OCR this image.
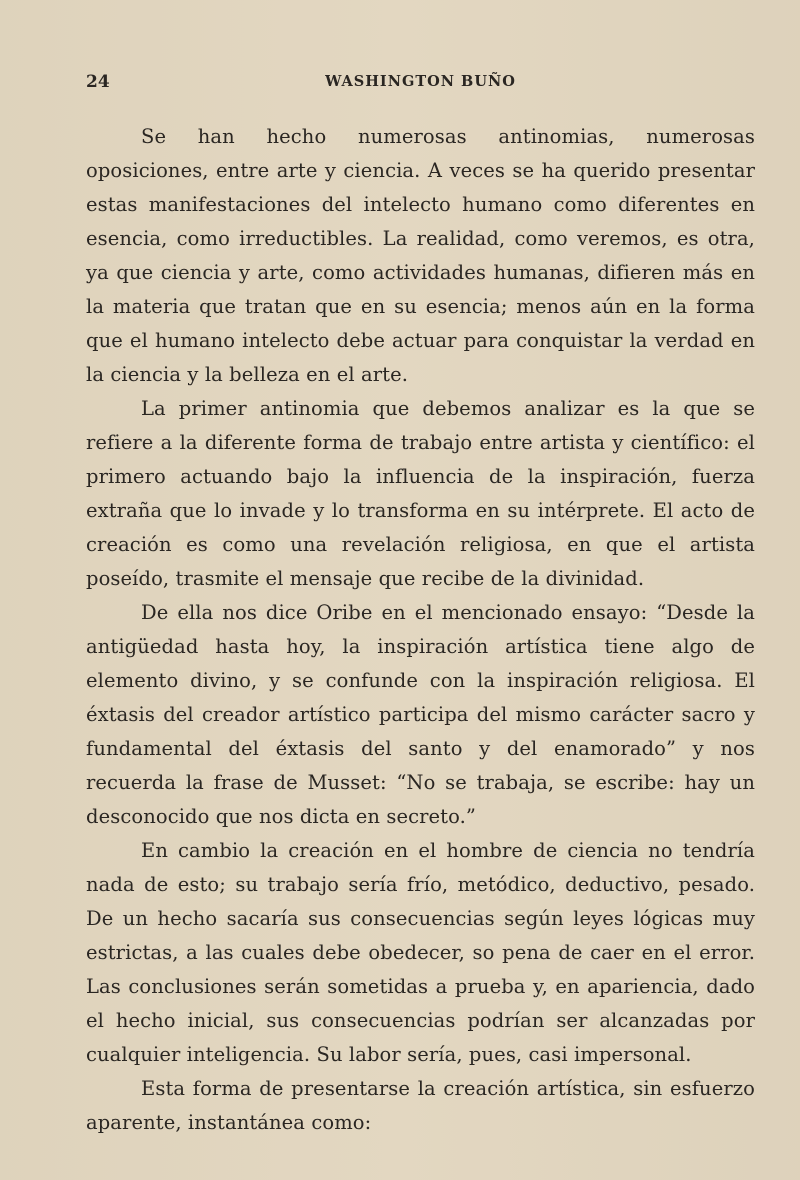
24	WASHINGTON BUÑO

Se han hecho numerosas antinomias, numerosas oposiciones, entre arte y ciencia. A veces se ha querido presentar estas manifestaciones del intelecto humano como diferentes en esencia, como irreductibles. La realidad, como veremos, es otra, ya que ciencia y arte, como actividades humanas, difieren más en la materia que tratan que en su esencia; menos aún en la forma que el humano intelecto debe actuar para conquistar la verdad en la ciencia y la belleza en el arte.

La primer antinomia que debemos analizar es la que se refiere a la diferente forma de trabajo entre artista y científico: el primero actuando bajo la influencia de la inspiración, fuerza extraña que lo invade y lo transforma en su intérprete. El acto de creación es como una revelación religiosa, en que el artista poseído, trasmite el mensaje que recibe de la divinidad.

De ella nos dice Oribe en el mencionado ensayo: “Desde la antigüedad hasta hoy, la inspiración artística tiene algo de elemento divino, y se confunde con la inspiración religiosa. El éxtasis del creador artístico participa del mismo carácter sacro y fundamental del éxtasis del santo y del enamorado” y nos recuerda la frase de Musset: “No se trabaja, se escribe: hay un desconocido que nos dicta en secreto.”

En cambio la creación en el hombre de ciencia no tendría nada de esto; su trabajo sería frío, metódico, deductivo, pesado. De un hecho sacaría sus consecuencias según leyes lógicas muy estrictas, a las cuales debe obedecer, so pena de caer en el error. Las conclusiones serán sometidas a prueba y, en apariencia, dado el hecho inicial, sus consecuencias podrían ser alcanzadas por cualquier inteligencia. Su labor sería, pues, casi impersonal.

Esta forma de presentarse la creación artística, sin esfuerzo aparente, instantánea como:
